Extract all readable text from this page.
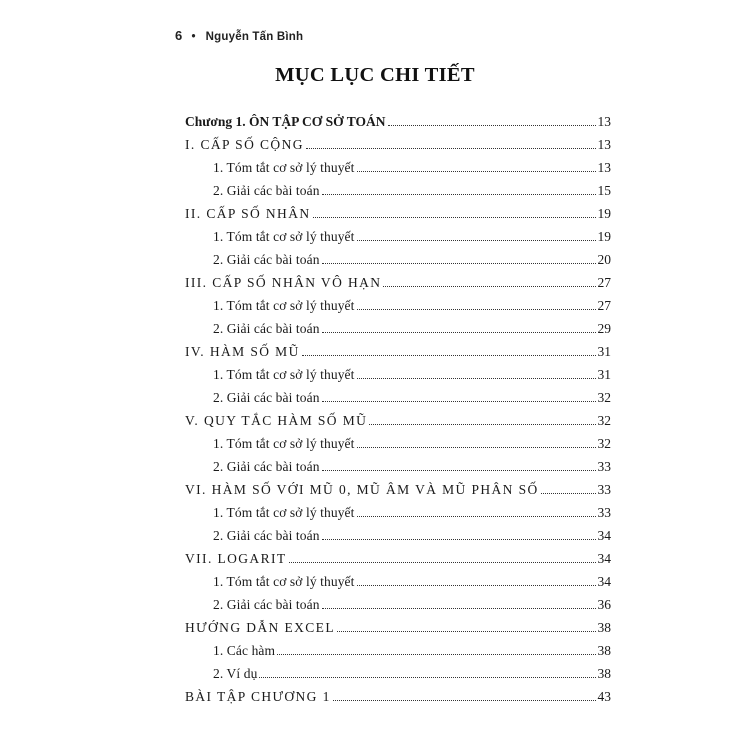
6 • Nguyễn Tấn Bình
MỤC LỤC CHI TIẾT
Chương 1. ÔN TẬP CƠ SỞ TOÁN	13
I. CẤP SỐ CỘNG	13
1. Tóm tắt cơ sở lý thuyết	13
2. Giải các bài toán	15
II. CẤP SỐ NHÂN	19
1. Tóm tắt cơ sở lý thuyết	19
2. Giải các bài toán	20
III. CẤP SỐ NHÂN VÔ HẠN	27
1. Tóm tắt cơ sở lý thuyết	27
2. Giải các bài toán	29
IV. HÀM SỐ MŨ	31
1. Tóm tắt cơ sở lý thuyết	31
2. Giải các bài toán	32
V. QUY TẮC HÀM SỐ MŨ	32
1. Tóm tắt cơ sở lý thuyết	32
2. Giải các bài toán	33
VI. HÀM SỐ VỚI MŨ 0, MŨ ÂM VÀ MŨ PHÂN SỐ	33
1. Tóm tắt cơ sở lý thuyết	33
2. Giải các bài toán	34
VII. LOGARIT	34
1. Tóm tắt cơ sở lý thuyết	34
2. Giải các bài toán	36
HƯỚNG DẪN EXCEL	38
1. Các hàm	38
2. Ví dụ	38
BÀI TẬP CHƯƠNG 1	43
